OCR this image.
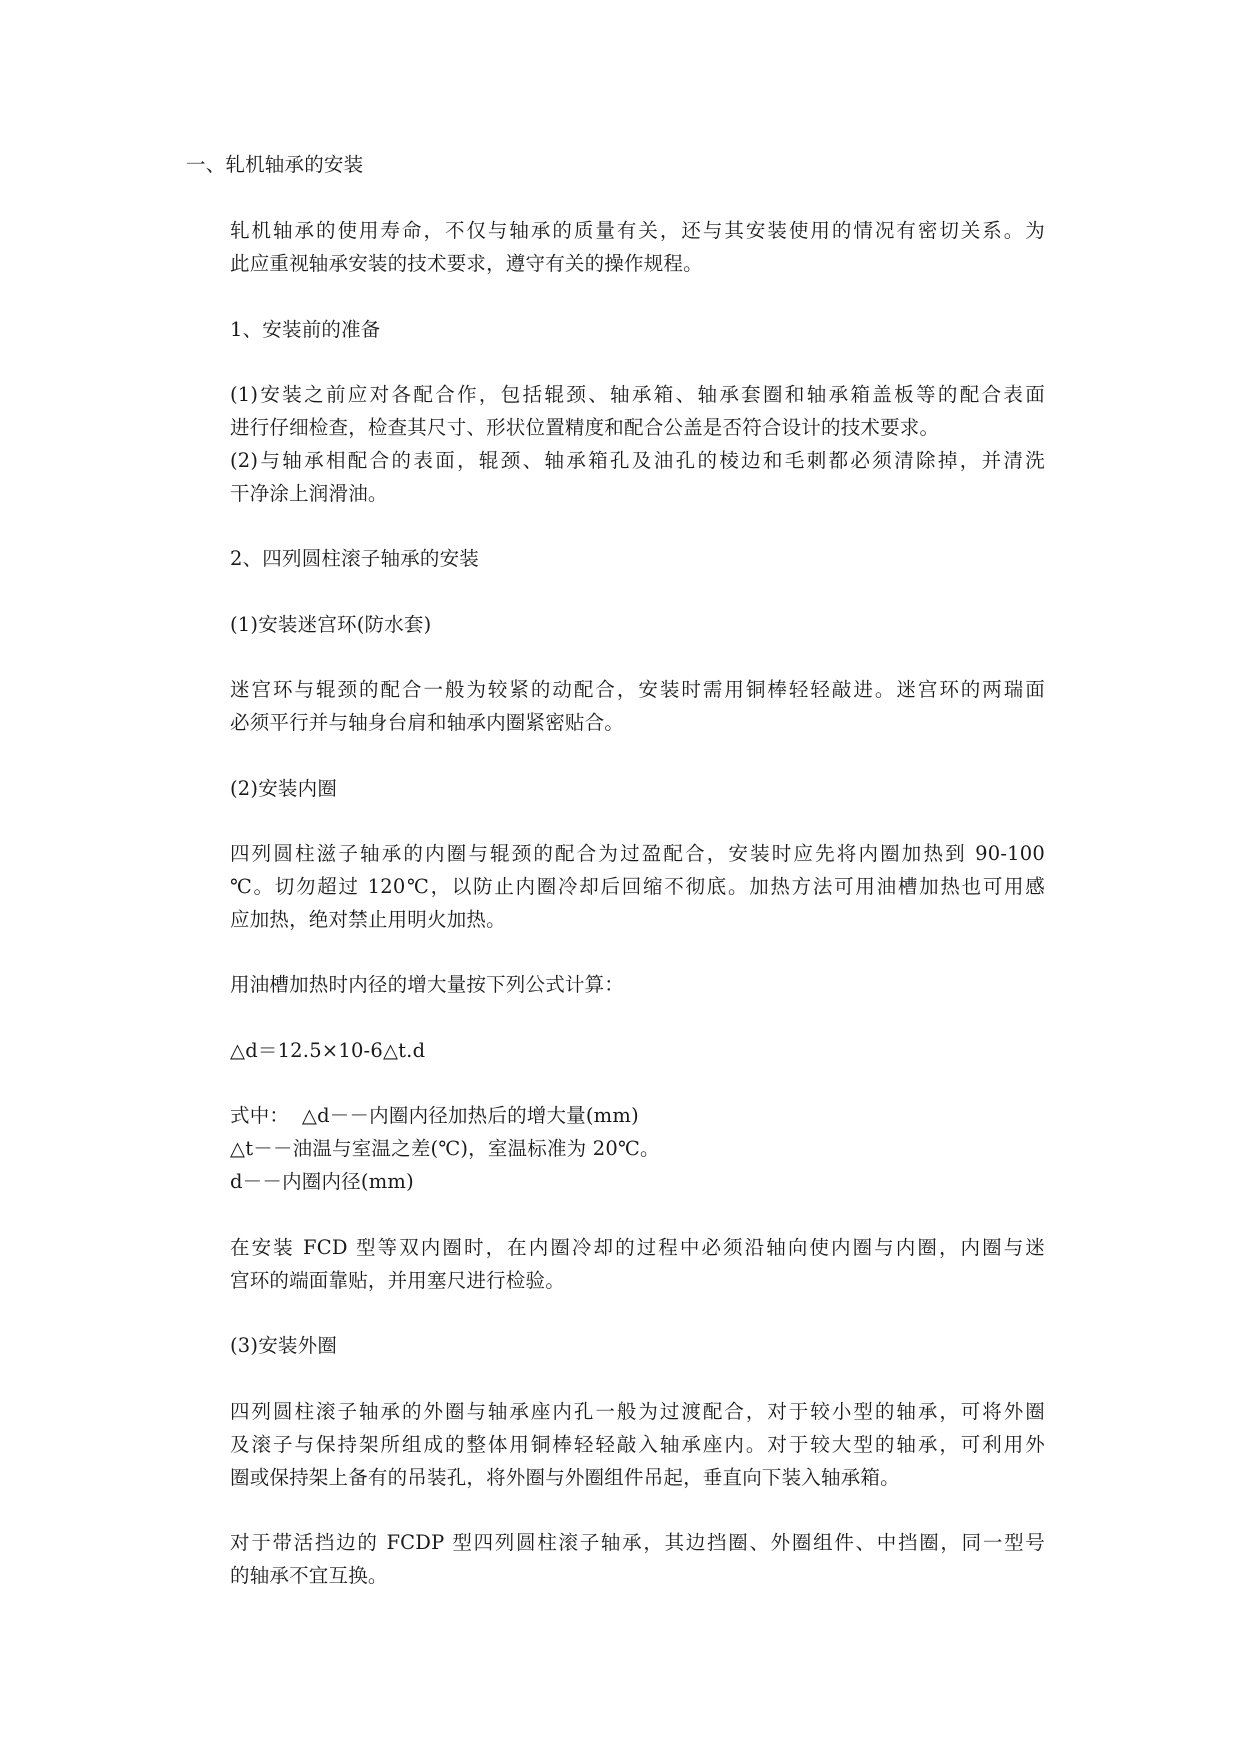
一、轧机轴承的安装
轧机轴承的使用寿命，不仅与轴承的质量有关，还与其安装使用的情况有密切关系。为
此应重视轴承安装的技术要求，遵守有关的操作规程。
1、安装前的准备
(1)安装之前应对各配合作，包括辊颈、轴承箱、轴承套圈和轴承箱盖板等的配合表面
进行仔细检查，检查其尺寸、形状位置精度和配合公盖是否符合设计的技术要求。
(2)与轴承相配合的表面，辊颈、轴承箱孔及油孔的棱边和毛刺都必须清除掉，并清洗
干净涂上润滑油。
2、四列圆柱滚子轴承的安装
(1)安装迷宫环(防水套)
迷宫环与辊颈的配合一般为较紧的动配合，安装时需用铜棒轻轻敲进。迷宫环的两瑞面
必须平行并与轴身台肩和轴承内圈紧密贴合。
(2)安装内圈
四列圆柱滋子轴承的内圈与辊颈的配合为过盈配合，安装时应先将内圈加热到 90-100
℃。切勿超过 120℃，以防止内圈冷却后回缩不彻底。加热方法可用油槽加热也可用感
应加热，绝对禁止用明火加热。
用油槽加热时内径的增大量按下列公式计算：
△d＝12.5×10-6△t.d
式中：  △d－－内圈内径加热后的增大量(mm)
△t－－油温与室温之差(℃)，室温标准为 20℃。
d－－内圈内径(mm)
在安装 FCD 型等双内圈时，在内圈冷却的过程中必须沿轴向使内圈与内圈，内圈与迷
宫环的端面靠贴，并用塞尺进行检验。
(3)安装外圈
四列圆柱滚子轴承的外圈与轴承座内孔一般为过渡配合，对于较小型的轴承，可将外圈
及滚子与保持架所组成的整体用铜棒轻轻敲入轴承座内。对于较大型的轴承，可利用外
圈或保持架上备有的吊装孔，将外圈与外圈组件吊起，垂直向下装入轴承箱。
对于带活挡边的 FCDP 型四列圆柱滚子轴承，其边挡圈、外圈组件、中挡圈，同一型号
的轴承不宜互换。
